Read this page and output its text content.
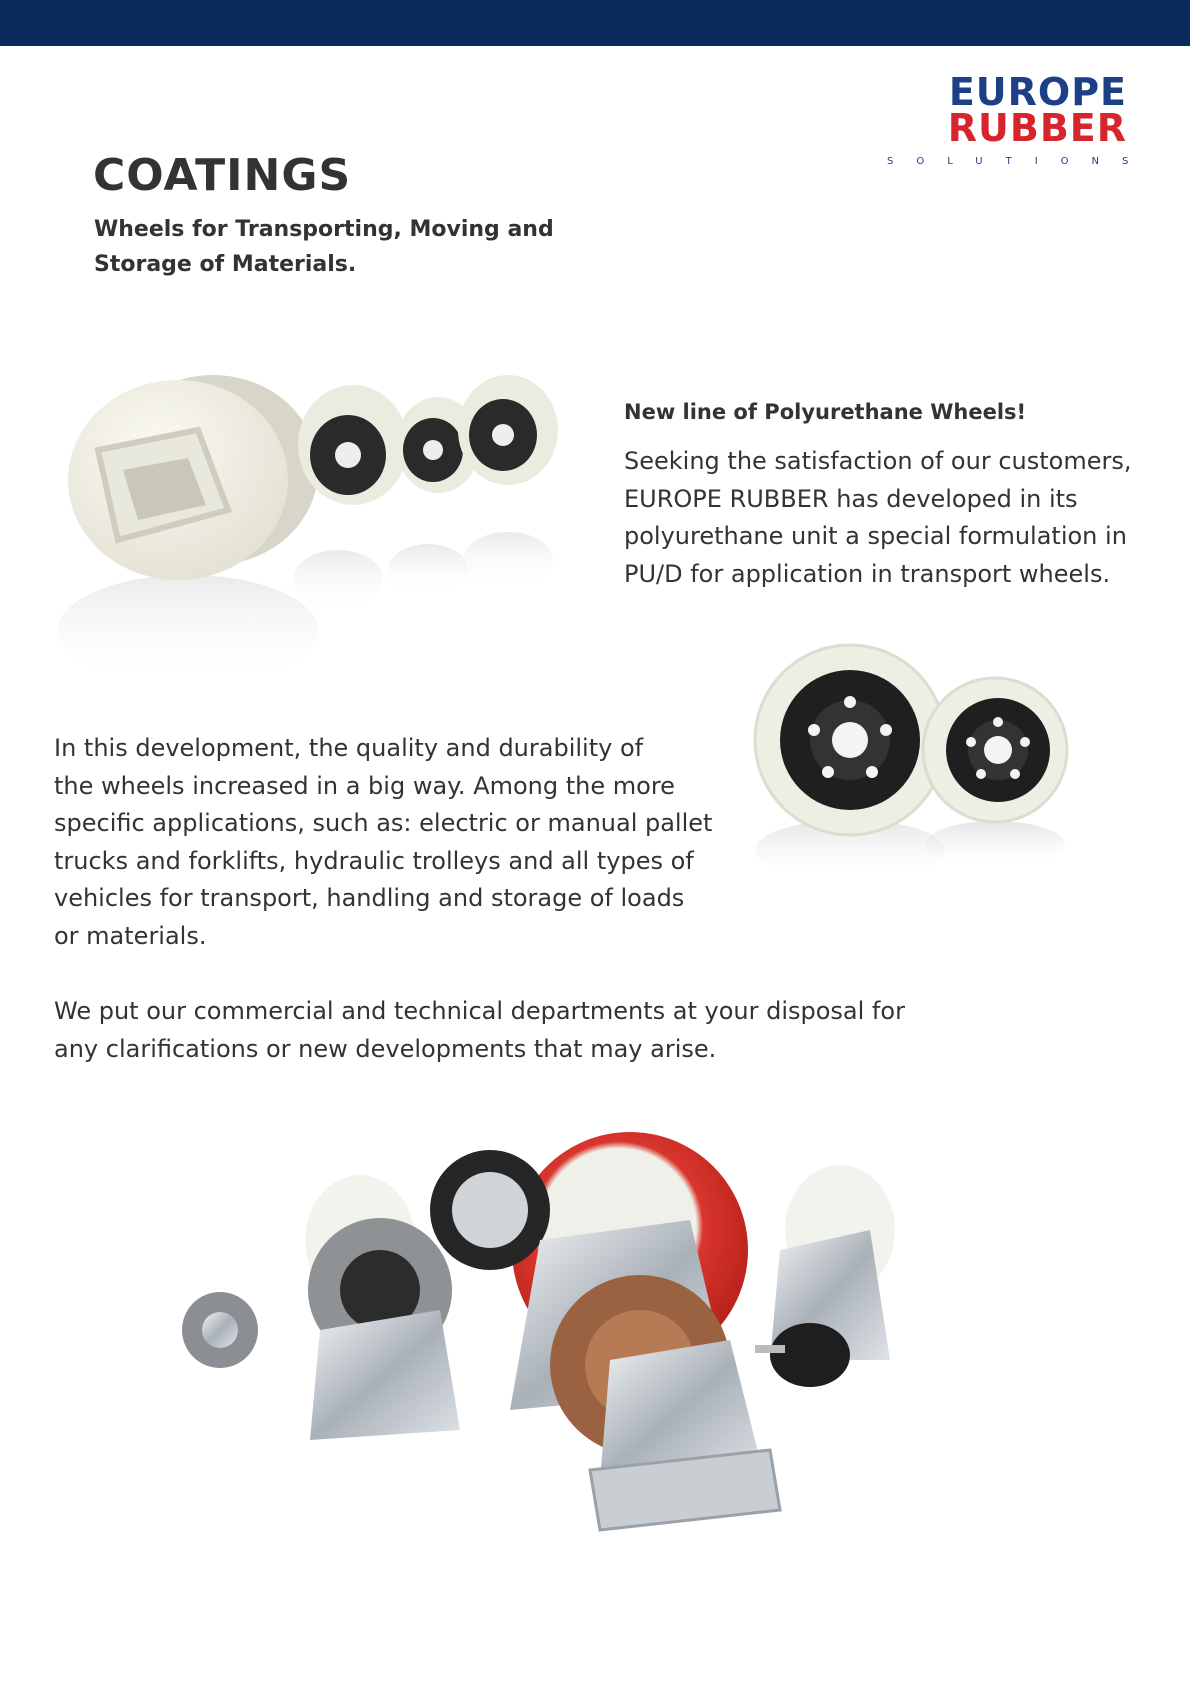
EUROPE
RUBBER
SOLUTIONS
COATINGS
Wheels for Transporting, Moving and Storage of Materials.
New line of Polyurethane Wheels!
Seeking the satisfaction of our customers, EUROPE RUBBER has developed in its polyurethane unit a special formulation in PU/D for application in transport wheels.
In this development, the quality and durability of
the wheels increased in a big way. Among the more
specific applications, such as: electric or manual pallet
trucks and forklifts, hydraulic trolleys and all types of
vehicles for transport, handling and storage of loads
or materials.
We put our commercial and technical departments at your disposal for
any clarifications or new developments that may arise.
